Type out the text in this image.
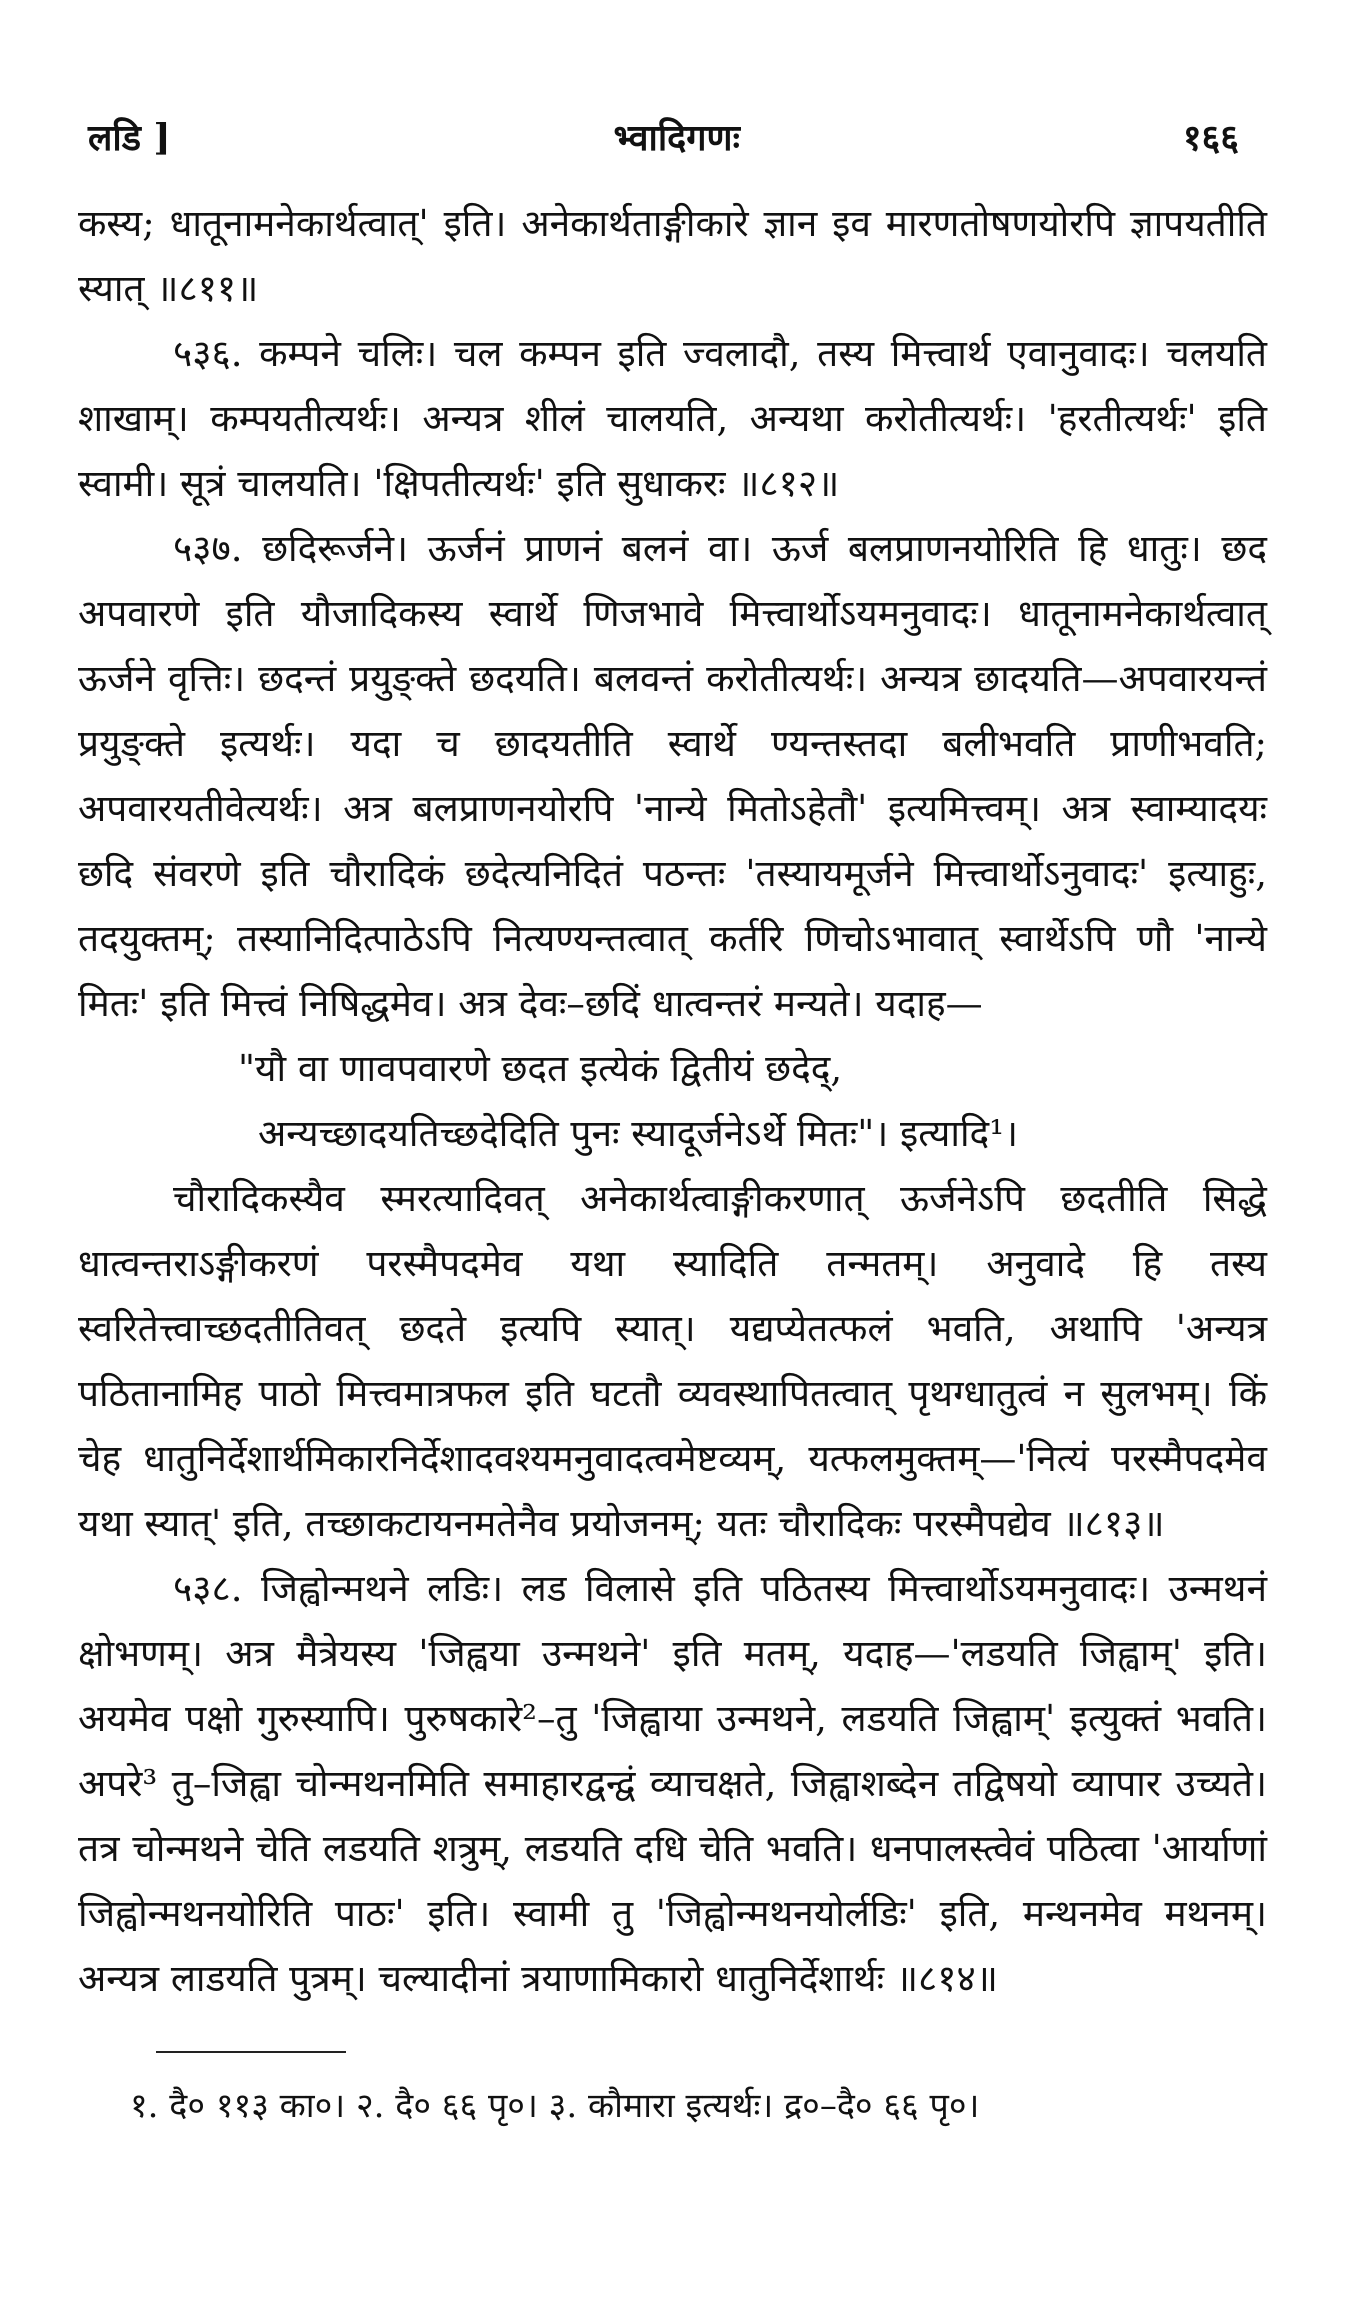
लडि ]	भ्वादिगणः	१६६

कस्य; धातूनामनेकार्थत्वात्' इति। अनेकार्थताङ्गीकारे ज्ञान इव मारणतोषणयोरपि ज्ञापयतीति स्यात् ॥८११॥

५३६. कम्पने चलिः। चल कम्पन इति ज्वलादौ, तस्य मित्त्वार्थ एवानुवादः। चलयति शाखाम्। कम्पयतीत्यर्थः। अन्यत्र शीलं चालयति, अन्यथा करोतीत्यर्थः। 'हरतीत्यर्थः' इति स्वामी। सूत्रं चालयति। 'क्षिपतीत्यर्थः' इति सुधाकरः ॥८१२॥

५३७. छदिरूर्जने। ऊर्जनं प्राणनं बलनं वा। ऊर्ज बलप्राणनयोरिति हि धातुः। छद अपवारणे इति यौजादिकस्य स्वार्थे णिजभावे मित्त्वार्थोऽयमनुवादः। धातूनामनेकार्थत्वात् ऊर्जने वृत्तिः। छदन्तं प्रयुङ्क्ते छदयति। बलवन्तं करोतीत्यर्थः। अन्यत्र छादयति—अपवारयन्तं प्रयुङ्क्ते इत्यर्थः। यदा च छादयतीति स्वार्थे ण्यन्तस्तदा बलीभवति प्राणीभवति; अपवारयतीवेत्यर्थः। अत्र बलप्राणनयोरपि 'नान्ये मितोऽहेतौ' इत्यमित्त्वम्। अत्र स्वाम्यादयः छदि संवरणे इति चौरादिकं छदेत्यनिदितं पठन्तः 'तस्यायमूर्जने मित्त्वार्थोऽनुवादः' इत्याहुः, तदयुक्तम्; तस्यानिदित्पाठेऽपि नित्यण्यन्तत्वात् कर्तरि णिचोऽभावात् स्वार्थेऽपि णौ 'नान्ये मितः' इति मित्त्वं निषिद्धमेव। अत्र देवः–छदिं धात्वन्तरं मन्यते। यदाह—

"यौ वा णावपवारणे छदत इत्येकं द्वितीयं छदेद्,
अन्यच्छादयतिच्छदेदिति पुनः स्यादूर्जनेऽर्थे मितः"। इत्यादि¹।

चौरादिकस्यैव स्मरत्यादिवत् अनेकार्थत्वाङ्गीकरणात् ऊर्जनेऽपि छदतीति सिद्धे धात्वन्तराऽङ्गीकरणं परस्मैपदमेव यथा स्यादिति तन्मतम्। अनुवादे हि तस्य स्वरितेत्त्वाच्छदतीतिवत् छदते इत्यपि स्यात्। यद्यप्येतत्फलं भवति, अथापि 'अन्यत्र पठितानामिह पाठो मित्त्वमात्रफल इति घटतौ व्यवस्थापितत्वात् पृथग्धातुत्वं न सुलभम्। किं चेह धातुनिर्देशार्थमिकारनिर्देशादवश्यमनुवादत्वमेष्टव्यम्, यत्फलमुक्तम्—'नित्यं परस्मैपदमेव यथा स्यात्' इति, तच्छाकटायनमतेनैव प्रयोजनम्; यतः चौरादिकः परस्मैपद्येव ॥८१३॥

५३८. जिह्वोन्मथने लडिः। लड विलासे इति पठितस्य मित्त्वार्थोऽयमनुवादः। उन्मथनं क्षोभणम्। अत्र मैत्रेयस्य 'जिह्वया उन्मथने' इति मतम्, यदाह—'लडयति जिह्वाम्' इति। अयमेव पक्षो गुरुस्यापि। पुरुषकारे²–तु 'जिह्वाया उन्मथने, लडयति जिह्वाम्' इत्युक्तं भवति। अपरे³ तु–जिह्वा चोन्मथनमिति समाहारद्वन्द्वं व्याचक्षते, जिह्वाशब्देन तद्विषयो व्यापार उच्यते। तत्र चोन्मथने चेति लडयति शत्रुम्, लडयति दधि चेति भवति। धनपालस्त्वेवं पठित्वा 'आर्याणां जिह्वोन्मथनयोरिति पाठः' इति। स्वामी तु 'जिह्वोन्मथनयोर्लडिः' इति, मन्थनमेव मथनम्। अन्यत्र लाडयति पुत्रम्। चल्यादीनां त्रयाणामिकारो धातुनिर्देशार्थः ॥८१४॥

१. दै० ११३ का०। २. दै० ६६ पृ०। ३. कौमारा इत्यर्थः। द्र०–दै० ६६ पृ०।
